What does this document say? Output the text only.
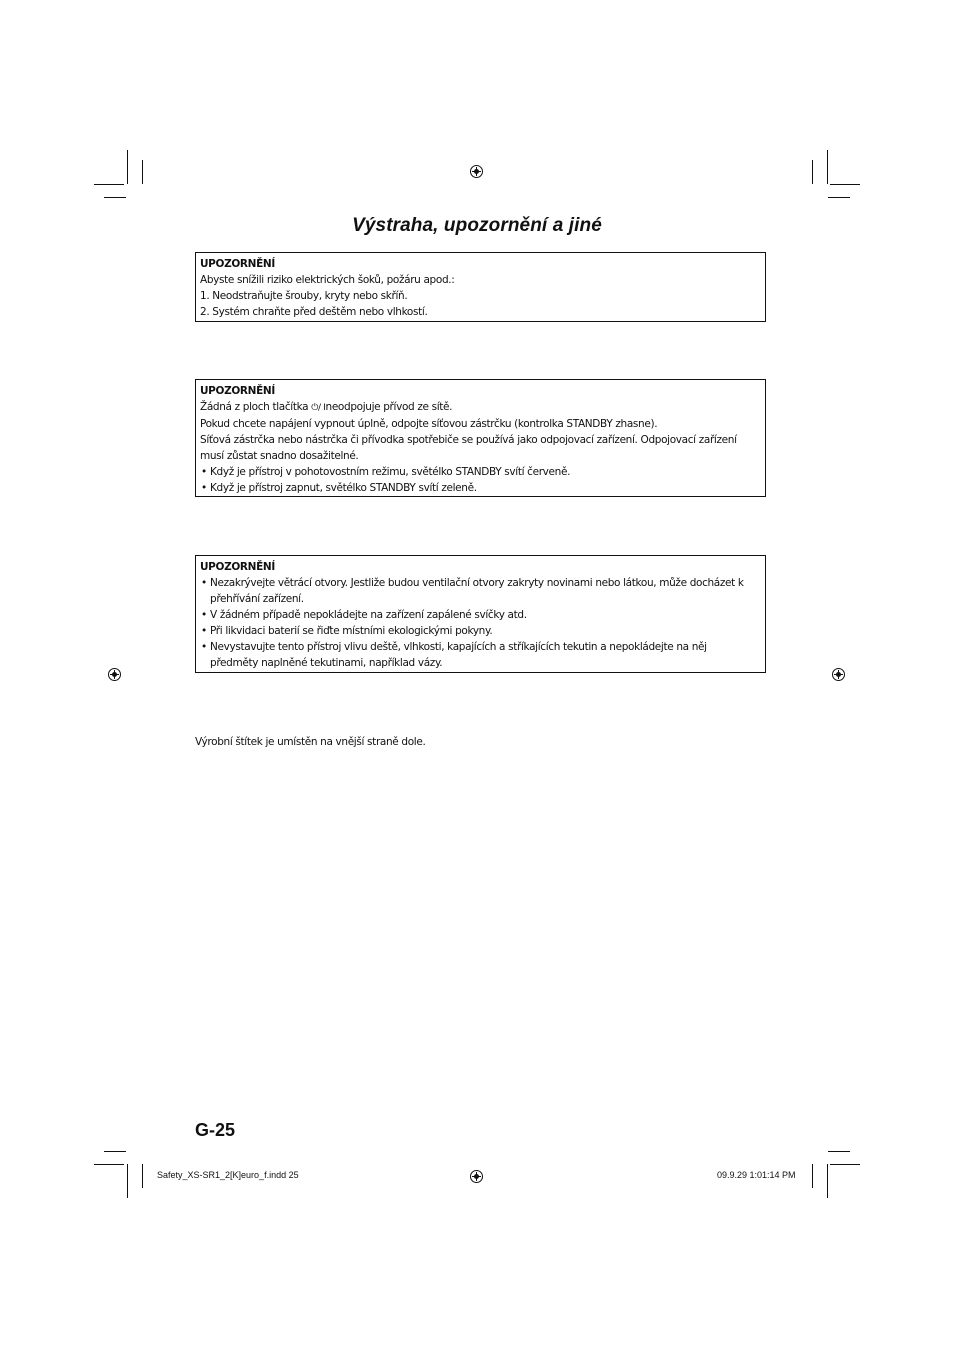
Výstraha, upozornění a jiné
UPOZORNĚNÍ
Abyste snížili riziko elektrických šoků, požáru apod.:
1. Neodstraňujte šrouby, kryty nebo skříň.
2. Systém chraňte před deštěm nebo vlhkostí.
UPOZORNĚNÍ
Žádná z ploch tlačítka ⏻/ Ineodpojuje přívod ze sítě.
Pokud chcete napájení vypnout úplně, odpojte síťovou zástrčku (kontrolka STANDBY zhasne).
Síťová zástrčka nebo nástrčka či přívodka spotřebiče se používá jako odpojovací zařízení. Odpojovací zařízení musí zůstat snadno dosažitelné.
• Když je přístroj v pohotovostním režimu, světélko STANDBY svítí červeně.
• Když je přístroj zapnut, světélko STANDBY svítí zeleně.
UPOZORNĚNÍ
• Nezakrývejte větrácí otvory. Jestliže budou ventilační otvory zakryty novinami nebo látkou, může docházet k přehřívání zařízení.
• V žádném případě nepokládejte na zařízení zapálené svíčky atd.
• Při likvidaci baterií se řiďte místními ekologickými pokyny.
• Nevystavujte tento přístroj vlivu deště, vlhkosti, kapajících a stříkajících tekutin a nepokládejte na něj předměty naplněné tekutinami, například vázy.
Výrobní štítek je umístěn na vnější straně dole.
G-25
Safety_XS-SR1_2[K]euro_f.indd 25	09.9.29 1:01:14 PM
